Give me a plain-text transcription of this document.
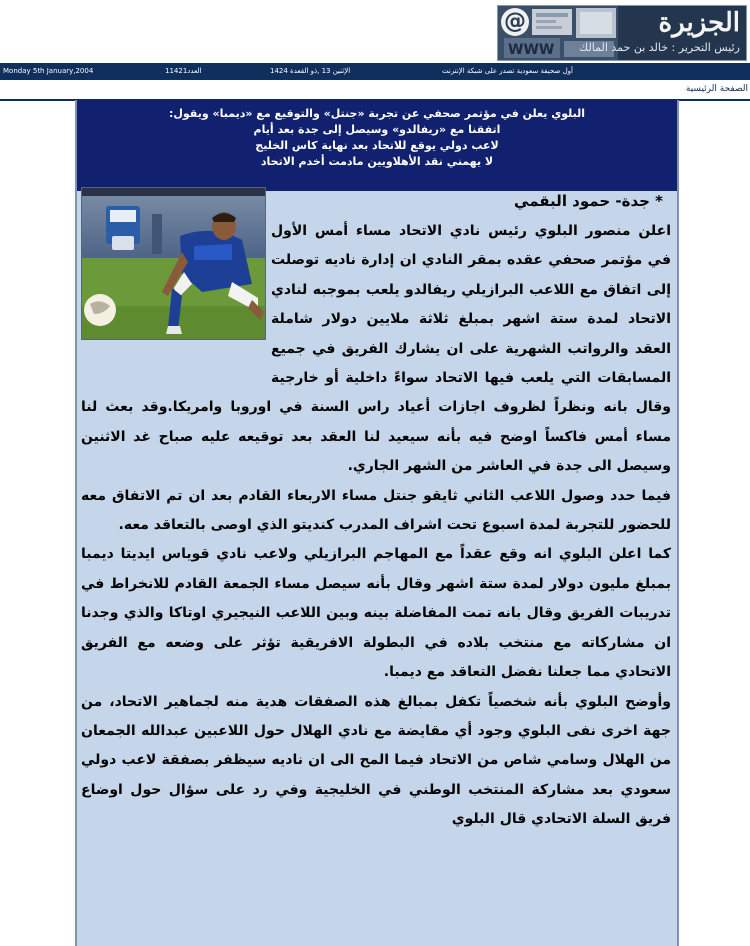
WWW
@	الجزيرة
رئيس التحرير : خالد بن حمد المالك
Monday 5th January,2004	العدد11421	الإثنين 13 ,ذو القعدة 1424	أول صحيفة سعودية تصدر على شبكة الإنترنت
الصفحة الرئيسية
البلوي يعلن في مؤتمر صحفي عن تجربة «جنتل» والتوقيع مع «ديمبا» ويقول:
اتفقنا مع «ريفالدو» وسيصل إلى جدة بعد أيام
لاعب دولي يوقع للاتحاد بعد نهاية كاس الخليج
لا يهمني نقد الأهلاويين مادمت أخدم الاتحاد
* جدة- حمود البقمي

اعلن منصور البلوي رئيس نادي الاتحاد مساء أمس الأول في مؤتمر صحفي عقده بمقر النادي ان إدارة ناديه توصلت إلى اتفاق مع اللاعب البرازيلي ريفالدو يلعب بموجبه لنادي الاتحاد لمدة ستة اشهر بمبلغ ثلاثة ملايين دولار شاملة العقد والرواتب الشهرية على ان يشارك الفريق في جميع المسابقات التي يلعب فيها الاتحاد سواءً داخلية أو خارجية وقال بانه ونظراً لظروف اجازات أعياد راس السنة في اوروبا وامريكا.وقد بعث لنا مساء أمس فاكساً اوضح فيه بأنه سيعيد لنا العقد بعد توقيعه عليه صباح غد الاثنين وسيصل الى جدة في العاشر من الشهر الجاري.

فيما حدد وصول اللاعب الثاني ثايقو جنتل مساء الاربعاء القادم بعد ان تم الاتفاق معه للحضور للتجربة لمدة اسبوع تحت اشراف المدرب كنديتو الذي اوصى بالتعاقد معه.

كما اعلن البلوي انه وقع عقداً مع المهاجم البرازيلي ولاعب نادي قوياس ايديتا ديمبا بمبلغ مليون دولار لمدة ستة اشهر وقال بأنه سيصل مساء الجمعة القادم للانخراط في تدريبات الفريق وقال بانه تمت المفاضلة بينه وبين اللاعب النيجيري اوتاكا والذي وجدنا ان مشاركاته مع منتخب بلاده في البطولة الافريقية تؤثر على وضعه مع الفريق الاتحادي مما جعلنا نفضل التعاقد مع ديمبا.

وأوضح البلوي بأنه شخصياً تكفل بمبالغ هذه الصفقات هدية منه لجماهير الاتحاد، من جهة اخرى نفى البلوي وجود أي مقايضة مع نادي الهلال حول اللاعبين عبدالله الجمعان من الهلال وسامي شاص من الاتحاد فيما المح الى ان ناديه سيظفر بصفقة لاعب دولي سعودي بعد مشاركة المنتخب الوطني في الخليجية وفي رد على سؤال حول اوضاع فريق السلة الاتحادي قال البلوي
